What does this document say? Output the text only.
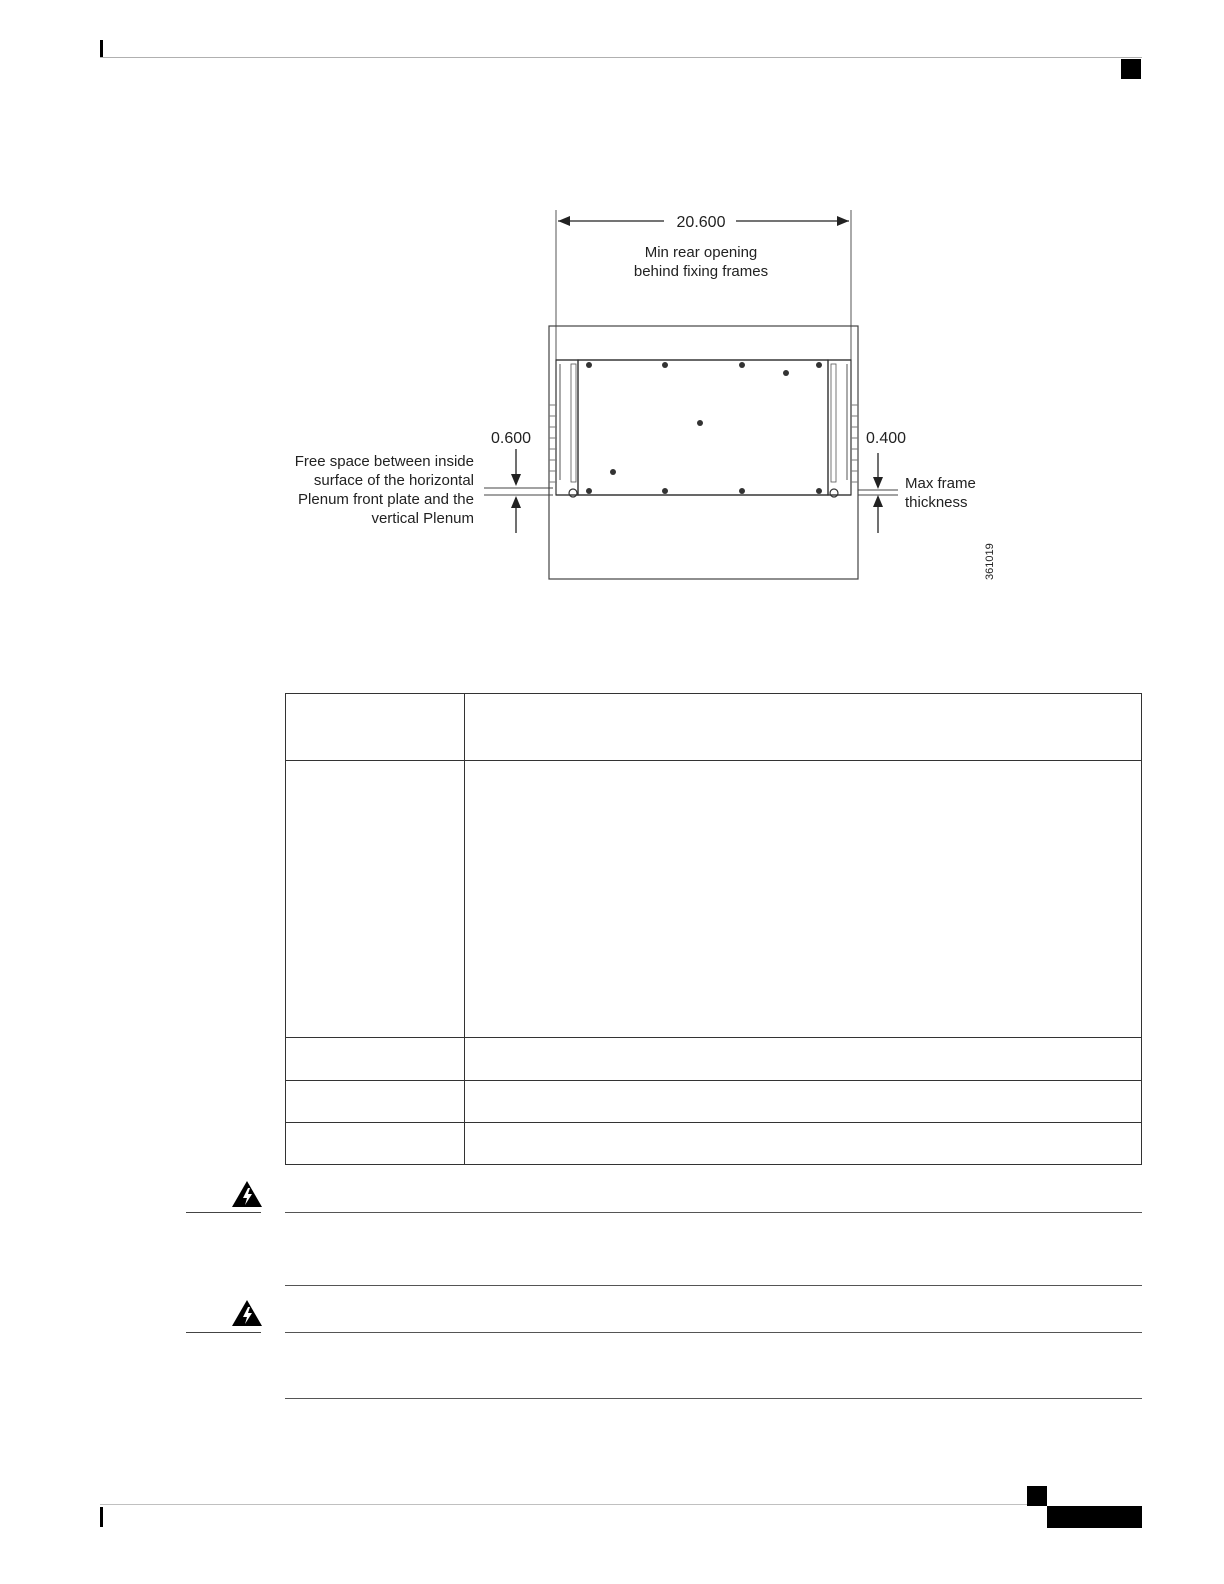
20.600
Min rear opening
behind fixing frames
0.600
Free space between inside
surface of the horizontal
Plenum front plate and the
vertical Plenum
0.400
Max frame
thickness
361019
